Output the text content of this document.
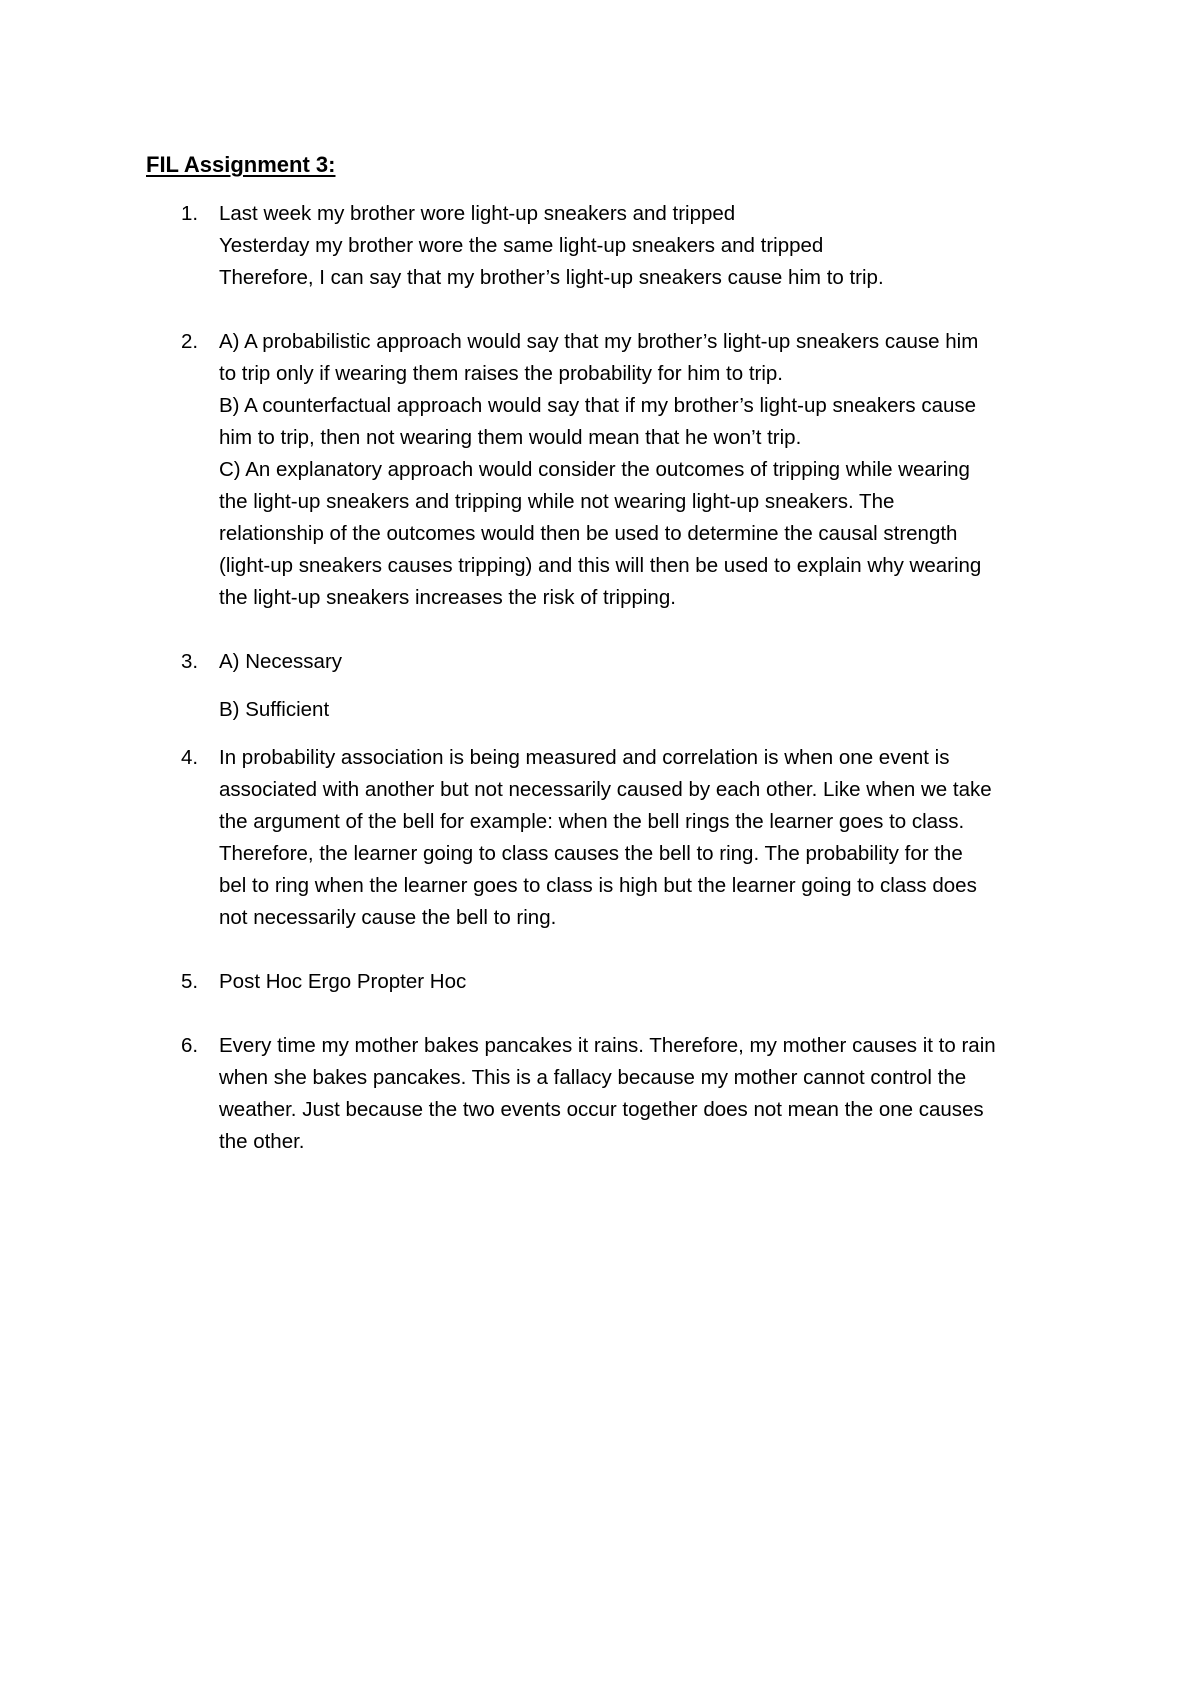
FIL Assignment 3:
1. Last week my brother wore light-up sneakers and tripped
Yesterday my brother wore the same light-up sneakers and tripped
Therefore, I can say that my brother’s light-up sneakers cause him to trip.
2. A) A probabilistic approach would say that my brother’s light-up sneakers cause him
to trip only if wearing them raises the probability for him to trip.
B) A counterfactual approach would say that if my brother’s light-up sneakers cause
him to trip, then not wearing them would mean that he won’t trip.
C) An explanatory approach would consider the outcomes of tripping while wearing
the light-up sneakers and tripping while not wearing light-up sneakers. The
relationship of the outcomes would then be used to determine the causal strength
(light-up sneakers causes tripping) and this will then be used to explain why wearing
the light-up sneakers increases the risk of tripping.
3. A) Necessary
B) Sufficient
4. In probability association is being measured and correlation is when one event is
associated with another but not necessarily caused by each other. Like when we take
the argument of the bell for example: when the bell rings the learner goes to class.
Therefore, the learner going to class causes the bell to ring. The probability for the
bel to ring when the learner goes to class is high but the learner going to class does
not necessarily cause the bell to ring.
5. Post Hoc Ergo Propter Hoc
6. Every time my mother bakes pancakes it rains. Therefore, my mother causes it to rain
when she bakes pancakes. This is a fallacy because my mother cannot control the
weather. Just because the two events occur together does not mean the one causes
the other.
